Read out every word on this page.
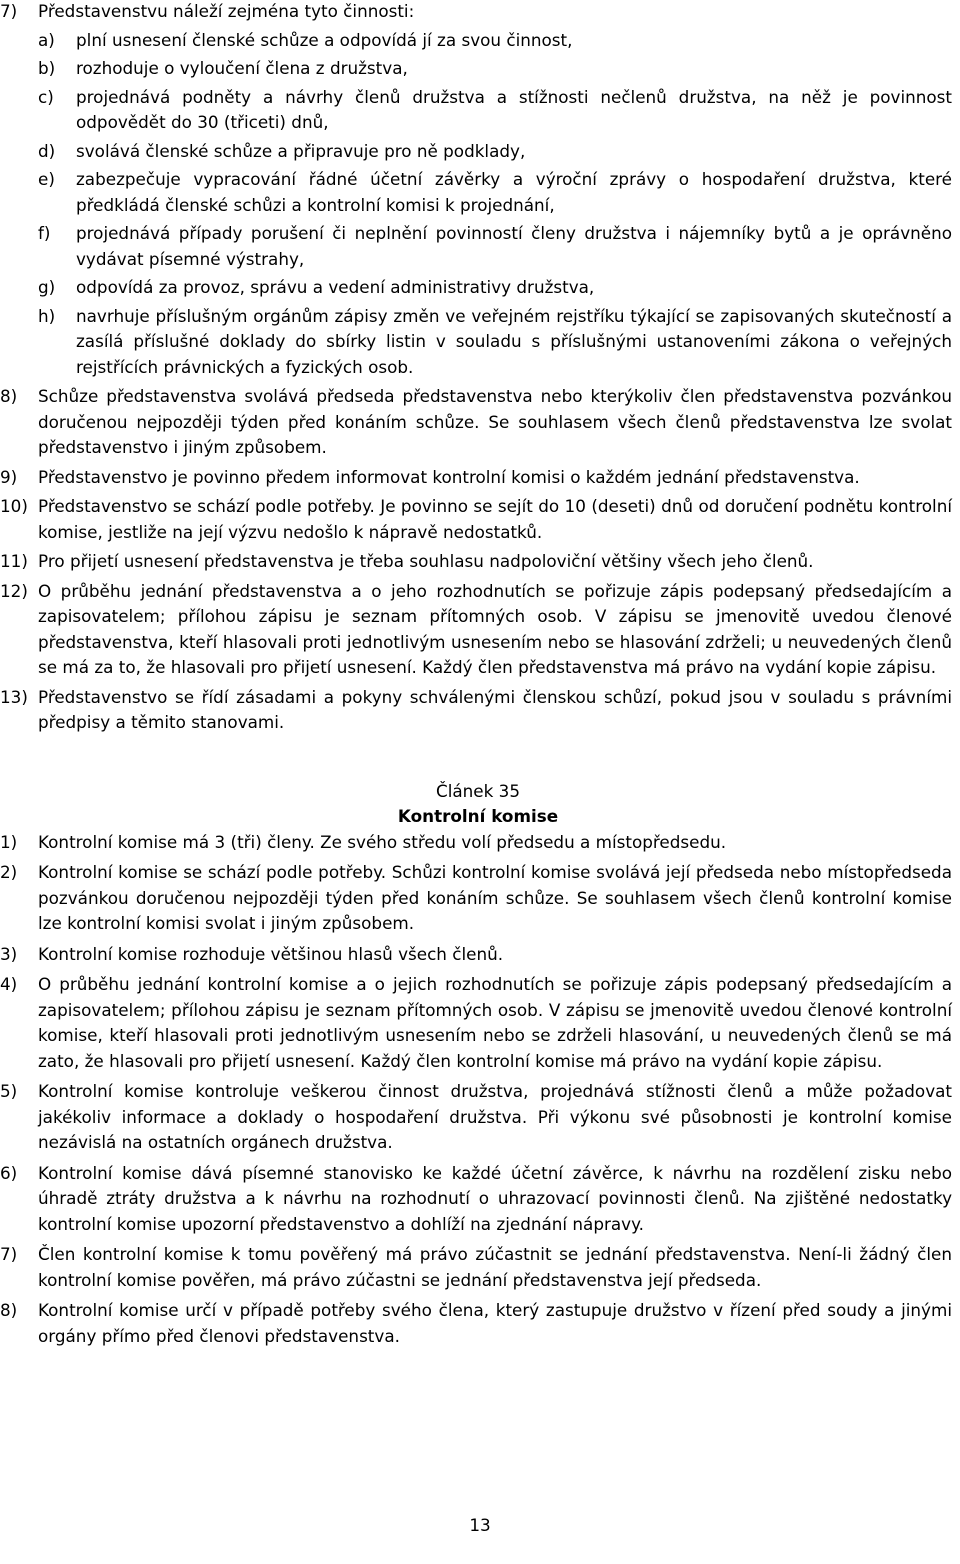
7) Představenstvu náleží zejména tyto činnosti:
a) plní usnesení členské schůze a odpovídá jí za svou činnost,
b) rozhoduje o vyloučení člena z družstva,
c) projednává podněty a návrhy členů družstva a stížnosti nečlenů družstva, na něž je povinnost odpovědět do 30 (třiceti) dnů,
d) svolává členské schůze a připravuje pro ně podklady,
e) zabezpečuje vypracování řádné účetní závěrky a výroční zprávy o hospodaření družstva, které předkládá členské schůzi a kontrolní komisi k projednání,
f) projednává případy porušení či neplnění povinností členy družstva i nájemníky bytů a je oprávněno vydávat písemné výstrahy,
g) odpovídá za provoz, správu a vedení administrativy družstva,
h) navrhuje příslušným orgánům zápisy změn ve veřejném rejstříku týkající se zapisovaných skutečností a zasílá příslušné doklady do sbírky listin v souladu s příslušnými ustanoveními zákona o veřejných rejstřících právnických a fyzických osob.
8) Schůze představenstva svolává předseda představenstva nebo kterýkoliv člen představenstva pozvánkou doručenou nejpozději týden před konáním schůze. Se souhlasem všech členů představenstva lze svolat představenstvo i jiným způsobem.
9) Představenstvo je povinno předem informovat kontrolní komisi o každém jednání představenstva.
10) Představenstvo se schází podle potřeby. Je povinno se sejít do 10 (deseti) dnů od doručení podnětu kontrolní komise, jestliže na její výzvu nedošlo k nápravě nedostatků.
11) Pro přijetí usnesení představenstva je třeba souhlasu nadpoloviční většiny všech jeho členů.
12) O průběhu jednání představenstva a o jeho rozhodnutích se pořizuje zápis podepsaný předsedajícím a zapisovatelem; přílohou zápisu je seznam přítomných osob. V zápisu se jmenovitě uvedou členové představenstva, kteří hlasovali proti jednotlivým usnesením nebo se hlasování zdrželi; u neuvedených členů se má za to, že hlasovali pro přijetí usnesení. Každý člen představenstva má právo na vydání kopie zápisu.
13) Představenstvo se řídí zásadami a pokyny schválenými členskou schůzí, pokud jsou v souladu s právními předpisy a těmito stanovami.
Článek 35
Kontrolní komise
1) Kontrolní komise má 3 (tři) členy. Ze svého středu volí předsedu a místopředsedu.
2) Kontrolní komise se schází podle potřeby. Schůzi kontrolní komise svolává její předseda nebo místopředseda pozvánkou doručenou nejpozději týden před konáním schůze. Se souhlasem všech členů kontrolní komise lze kontrolní komisi svolat i jiným způsobem.
3) Kontrolní komise rozhoduje většinou hlasů všech členů.
4) O průběhu jednání kontrolní komise a o jejich rozhodnutích se pořizuje zápis podepsaný předsedajícím a zapisovatelem; přílohou zápisu je seznam přítomných osob. V zápisu se jmenovitě uvedou členové kontrolní komise, kteří hlasovali proti jednotlivým usnesením nebo se zdrželi hlasování, u neuvedených členů se má zato, že hlasovali pro přijetí usnesení. Každý člen kontrolní komise má právo na vydání kopie zápisu.
5) Kontrolní komise kontroluje veškerou činnost družstva, projednává stížnosti členů a může požadovat jakékoliv informace a doklady o hospodaření družstva. Při výkonu své působnosti je kontrolní komise nezávislá na ostatních orgánech družstva.
6) Kontrolní komise dává písemné stanovisko ke každé účetní závěrce, k návrhu na rozdělení zisku nebo úhradě ztráty družstva a k návrhu na rozhodnutí o uhrazovací povinnosti členů. Na zjištěné nedostatky kontrolní komise upozorní představenstvo a dohlíží na zjednání nápravy.
7) Člen kontrolní komise k tomu pověřený má právo zúčastnit se jednání představenstva. Není-li žádný člen kontrolní komise pověřen, má právo zúčastni se jednání představenstva její předseda.
8) Kontrolní komise určí v případě potřeby svého člena, který zastupuje družstvo v řízení před soudy a jinými orgány přímo před členovi představenstva.
13
